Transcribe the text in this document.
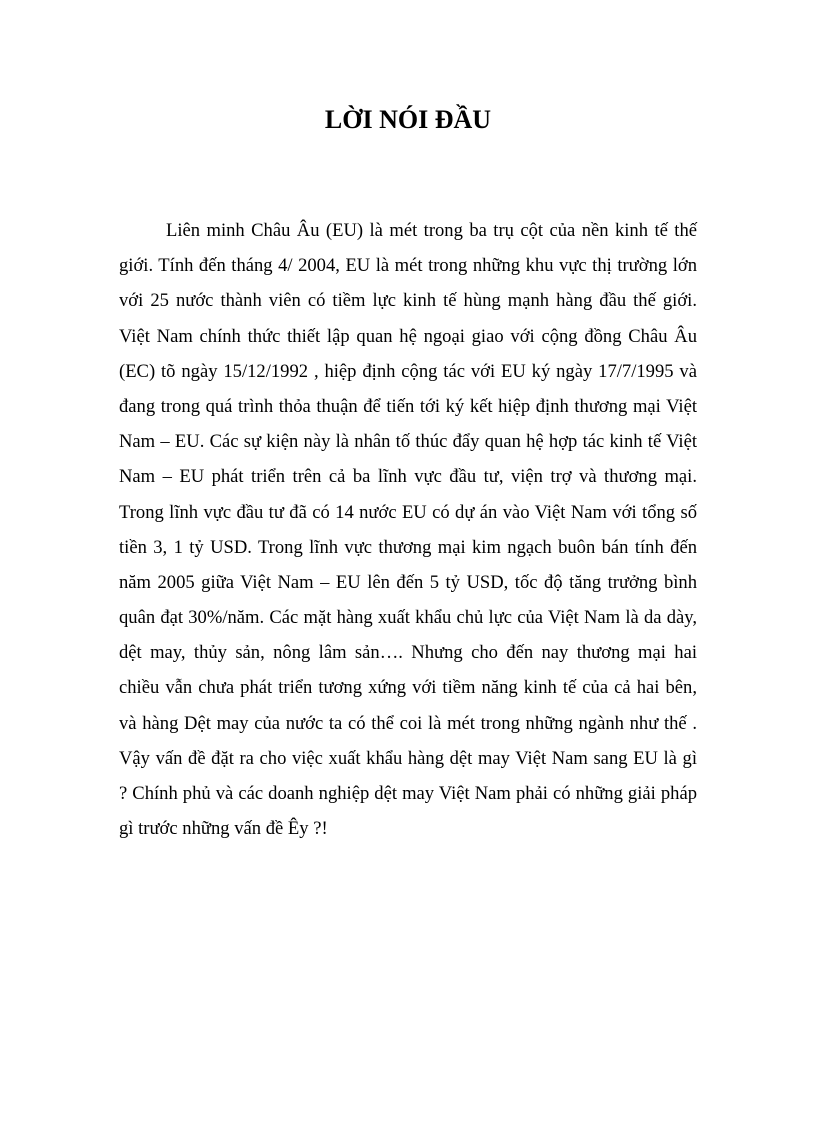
LỜI NÓI ĐẦU
Liên minh Châu Âu (EU) là mét trong ba trụ cột của nền kinh tế thế
giới. Tính đến tháng 4/ 2004, EU là mét trong những khu vực thị trường lớn
với 25 nước thành viên có tiềm lực kinh tế hùng mạnh hàng đầu thế giới.
Việt Nam chính thức thiết lập quan hệ ngoại giao với cộng đồng Châu Âu
(EC) tõ ngày 15/12/1992 , hiệp định cộng tác với EU ký ngày 17/7/1995 và
đang trong quá trình thỏa thuận để tiến tới ký kết hiệp định thương mại Việt
Nam – EU. Các sự kiện này là nhân tố thúc đẩy quan hệ hợp tác kinh tế Việt
Nam – EU phát triển trên cả ba lĩnh vực đầu tư, viện trợ và thương mại.
Trong lĩnh vực đầu tư đã có 14 nước EU có dự án vào Việt Nam với tổng số
tiền 3, 1 tỷ USD. Trong lĩnh vực thương mại kim ngạch buôn bán tính đến
năm 2005 giữa Việt Nam – EU lên đến 5 tỷ USD, tốc độ tăng trưởng bình
quân đạt 30%/năm. Các mặt hàng xuất khẩu chủ lực của Việt Nam là da dày,
dệt may, thủy sản, nông lâm sản…. Nhưng cho đến nay thương mại hai
chiều vẫn chưa phát triển tương xứng với tiềm năng kinh tế của cả hai bên,
và hàng Dệt may của nước ta có thể coi là mét trong những ngành như thế .
Vậy vấn đề đặt ra cho việc xuất khẩu hàng dệt may Việt Nam sang EU là gì
? Chính phủ và các doanh nghiệp dệt may Việt Nam phải có những giải pháp
gì trước những vấn đề Êy ?!
